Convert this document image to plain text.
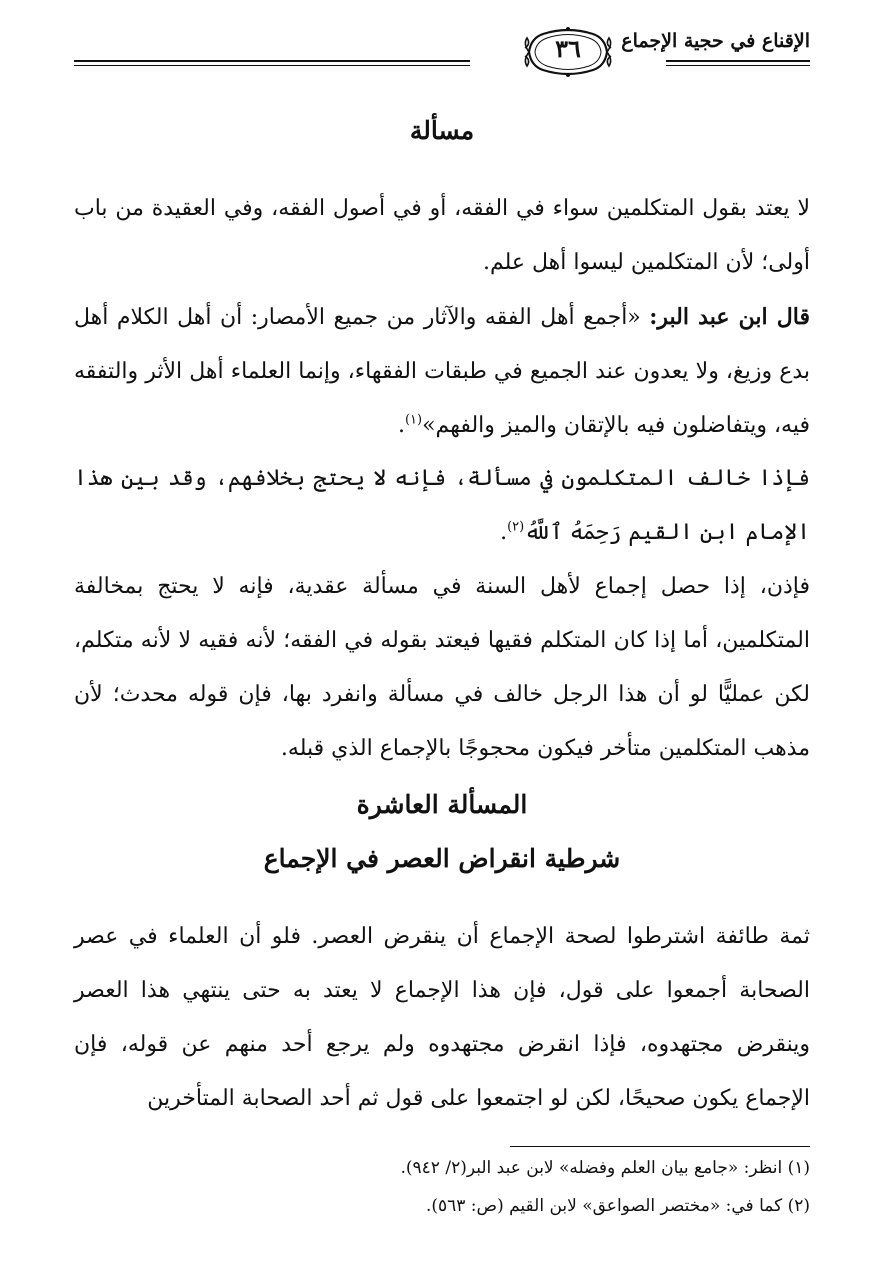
الإقناع في حجية الإجماع
٣٦
مسألة

لا يعتد بقول المتكلمين سواء في الفقه، أو في أصول الفقه، وفي العقيدة من باب أولى؛ لأن المتكلمين ليسوا أهل علم.

قال ابن عبد البر: «أجمع أهل الفقه والآثار من جميع الأمصار: أن أهل الكلام أهل بدع وزيغ، ولا يعدون عند الجميع في طبقات الفقهاء، وإنما العلماء أهل الأثر والتفقه فيه، ويتفاضلون فيه بالإتقان والميز والفهم»$^{(١)}$.

فإذا خالف المتكلمون في مسألة، فإنه لا يحتج بخلافهم، وقد بين هذا الإمام ابن القيم رَحِمَهُ ٱللَّهُ$^{(٢)}$.

فإذن، إذا حصل إجماع لأهل السنة في مسألة عقدية، فإنه لا يحتج بمخالفة المتكلمين، أما إذا كان المتكلم فقيها فيعتد بقوله في الفقه؛ لأنه فقيه لا لأنه متكلم، لكن عمليًّا لو أن هذا الرجل خالف في مسألة وانفرد بها، فإن قوله محدث؛ لأن مذهب المتكلمين متأخر فيكون محجوجًا بالإجماع الذي قبله.

المسألة العاشرة
شرطية انقراض العصر في الإجماع

ثمة طائفة اشترطوا لصحة الإجماع أن ينقرض العصر. فلو أن العلماء في عصر الصحابة أجمعوا على قول، فإن هذا الإجماع لا يعتد به حتى ينتهي هذا العصر وينقرض مجتهدوه، فإذا انقرض مجتهدوه ولم يرجع أحد منهم عن قوله، فإن الإجماع يكون صحيحًا، لكن لو اجتمعوا على قول ثم أحد الصحابة المتأخرين

(١) انظر: «جامع بيان العلم وفضله» لابن عبد البر(٢/ ٩٤٢).
(٢) كما في: «مختصر الصواعق» لابن القيم (ص: ٥٦٣).
